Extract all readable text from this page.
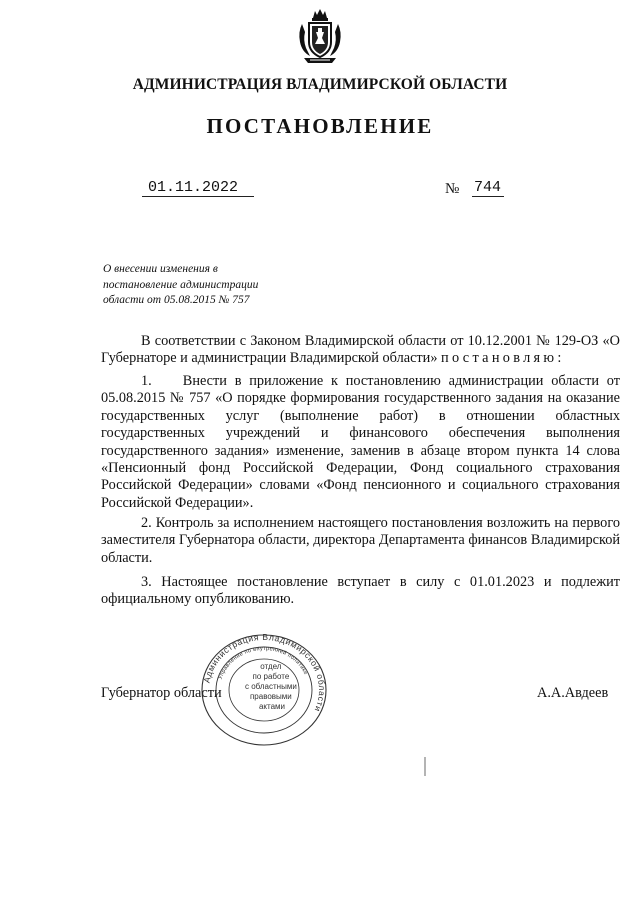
АДМИНИСТРАЦИЯ ВЛАДИМИРСКОЙ ОБЛАСТИ
ПОСТАНОВЛЕНИЕ
01.11.2022	№ 744
О внесении изменения в
постановление администрации
области от 05.08.2015 № 757

В соответствии с Законом Владимирской области от 10.12.2001 № 129-ОЗ «О Губернаторе и администрации Владимирской области» постановляю:

1.    Внести в приложение к постановлению администрации области от 05.08.2015 № 757 «О порядке формирования государственного задания на оказание государственных услуг (выполнение работ) в отношении областных государственных учреждений и финансового обеспечения выполнения государственного задания» изменение, заменив в абзаце втором пункта 14 слова «Пенсионный фонд Российской Федерации, Фонд социального страхования Российской Федерации» словами «Фонд пенсионного и социального страхования Российской Федерации».

2. Контроль за исполнением настоящего постановления возложить на первого заместителя Губернатора области, директора Департамента финансов Владимирской области.

3. Настоящее постановление вступает в силу с 01.01.2023 и подлежит официальному опубликованию.

Губернатор области	А.А.Авдеев
Администрация Владимирской области
Управление по внутренней политике
отдел по работе с областными правовыми актами
